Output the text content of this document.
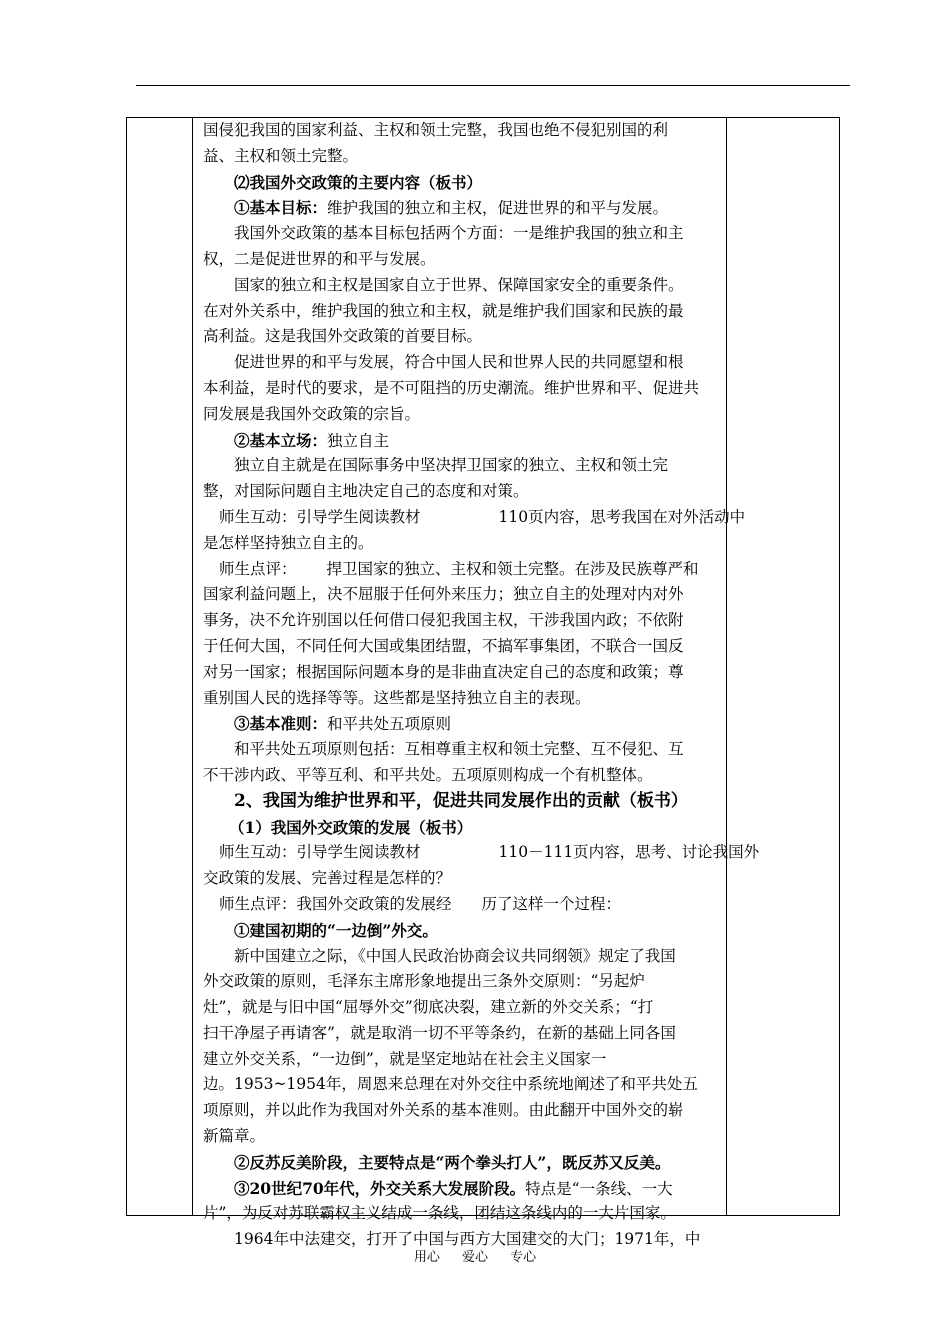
国侵犯我国的国家利益、主权和领土完整，我国也绝不侵犯别国的利
益、主权和领土完整。
⑵我国外交政策的主要内容（板书）
①基本目标：维护我国的独立和主权，促进世界的和平与发展。
我国外交政策的基本目标包括两个方面：一是维护我国的独立和主
权，二是促进世界的和平与发展。
国家的独立和主权是国家自立于世界、保障国家安全的重要条件。
在对外关系中，维护我国的独立和主权，就是维护我们国家和民族的最
高利益。这是我国外交政策的首要目标。
促进世界的和平与发展，符合中国人民和世界人民的共同愿望和根
本利益，是时代的要求，是不可阻挡的历史潮流。维护世界和平、促进共
同发展是我国外交政策的宗旨。
②基本立场：独立自主
独立自主就是在国际事务中坚决捍卫国家的独立、主权和领土完
整，对国际问题自主地决定自己的态度和对策。
师生互动：引导学生阅读教材	110页内容，思考我国在对外活动中
是怎样坚持独立自主的。
师生点评： 捍卫国家的独立、主权和领土完整。在涉及民族尊严和
国家利益问题上，决不屈服于任何外来压力；独立自主的处理对内对外
事务，决不允许别国以任何借口侵犯我国主权，干涉我国内政；不依附
于任何大国，不同任何大国或集团结盟，不搞军事集团，不联合一国反
对另一国家；根据国际问题本身的是非曲直决定自己的态度和政策；尊
重别国人民的选择等等。这些都是坚持独立自主的表现。
③基本准则：和平共处五项原则
和平共处五项原则包括：互相尊重主权和领土完整、互不侵犯、互
不干涉内政、平等互利、和平共处。五项原则构成一个有机整体。
2、我国为维护世界和平，促进共同发展作出的贡献（板书）
（1）我国外交政策的发展（板书）
师生互动：引导学生阅读教材	110－111页内容，思考、讨论我国外
交政策的发展、完善过程是怎样的？
师生点评：我国外交政策的发展经 历了这样一个过程：
①建国初期的“一边倒”外交。
新中国建立之际，《中国人民政治协商会议共同纲领》规定了我国
外交政策的原则，毛泽东主席形象地提出三条外交原则：“另起炉
灶”，就是与旧中国“屈辱外交”彻底决裂，建立新的外交关系；“打
扫干净屋子再请客”，就是取消一切不平等条约，在新的基础上同各国
建立外交关系，“一边倒”，就是坚定地站在社会主义国家一
边。1953~1954年，周恩来总理在对外交往中系统地阐述了和平共处五
项原则，并以此作为我国对外关系的基本准则。由此翻开中国外交的崭
新篇章。
②反苏反美阶段，主要特点是“两个拳头打人”，既反苏又反美。
③20世纪70年代，外交关系大发展阶段。特点是“一条线、一大
片”，为反对苏联霸权主义结成一条线，团结这条线内的一大片国家。
1964年中法建交，打开了中国与西方大国建交的大门；1971年，中
用心 爱心 专心
